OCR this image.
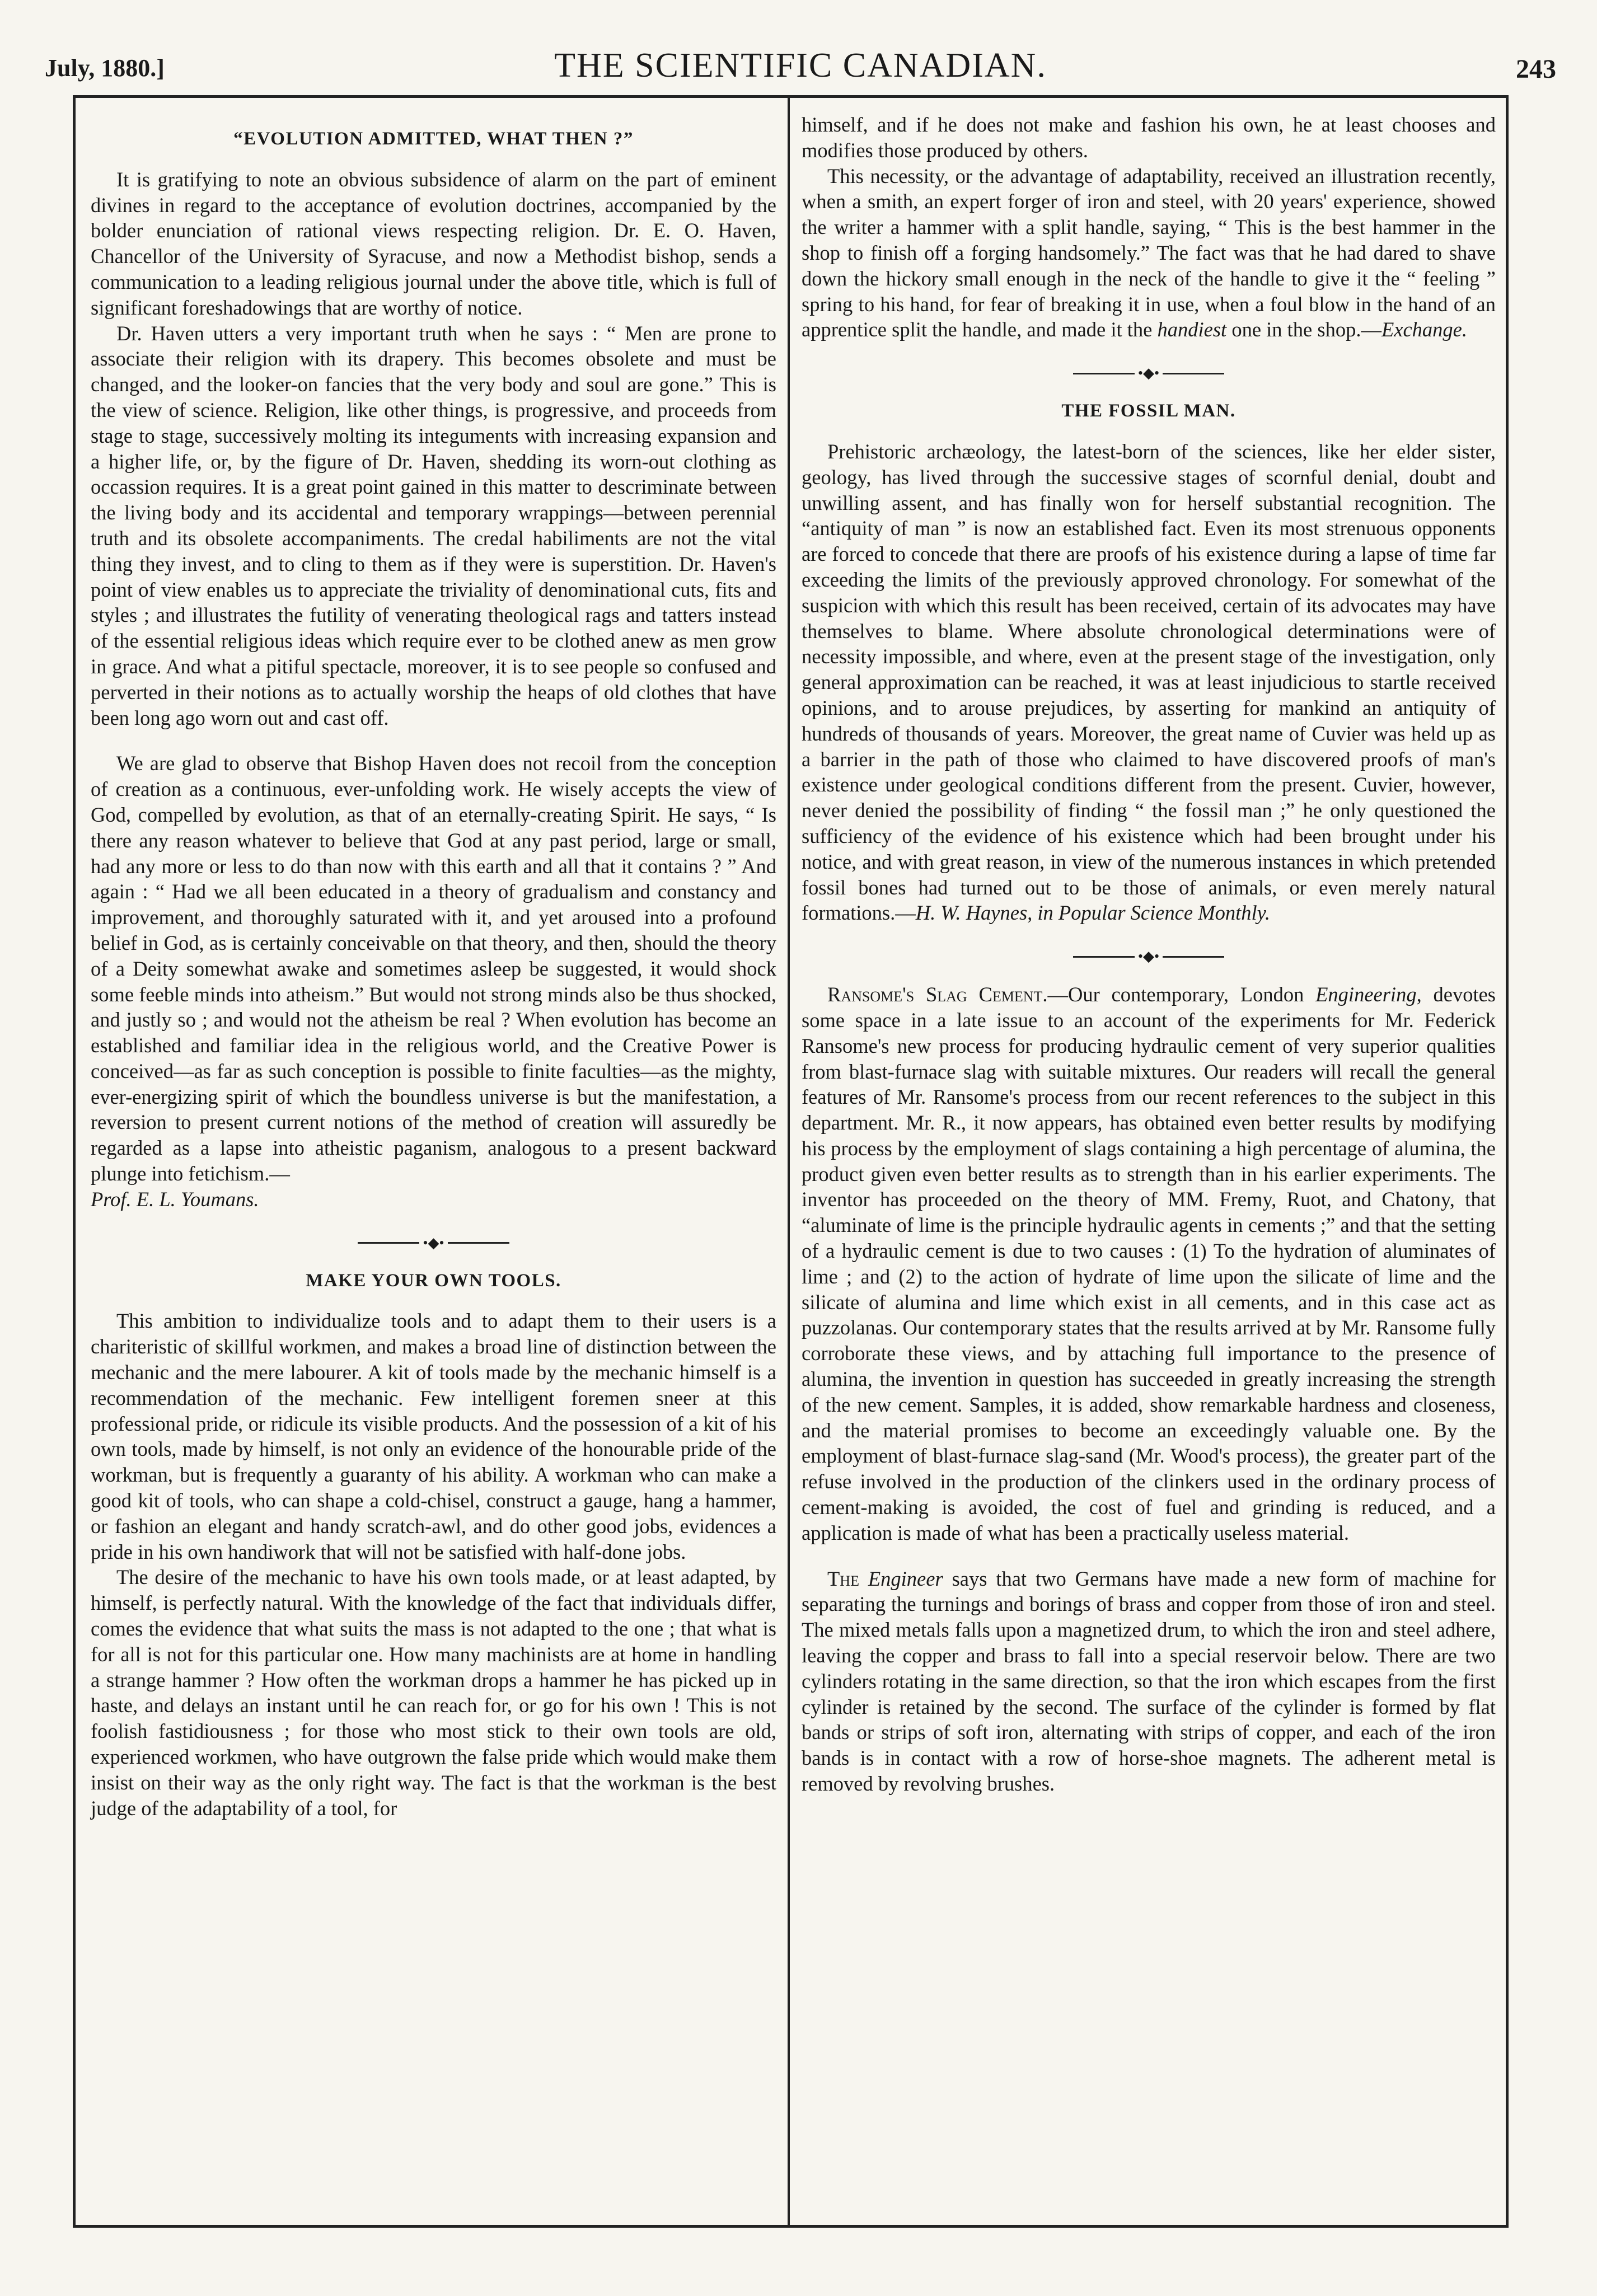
July, 1880.]	THE SCIENTIFIC CANADIAN.	243
“EVOLUTION ADMITTED, WHAT THEN ?”

It is gratifying to note an obvious subsidence of alarm on the part of eminent divines in regard to the acceptance of evolution doctrines, accompanied by the bolder enunciation of rational views respecting religion. Dr. E. O. Haven, Chancellor of the University of Syracuse, and now a Methodist bishop, sends a communication to a leading religious journal under the above title, which is full of significant foreshadowings that are worthy of notice.

Dr. Haven utters a very important truth when he says : “ Men are prone to associate their religion with its drapery. This becomes obsolete and must be changed, and the looker-on fancies that the very body and soul are gone.” This is the view of science. Religion, like other things, is progressive, and proceeds from stage to stage, successively molting its integuments with increasing expansion and a higher life, or, by the figure of Dr. Haven, shedding its worn-out clothing as occassion requires. It is a great point gained in this matter to descriminate between the living body and its accidental and temporary wrappings—between perennial truth and its obsolete accompaniments. The credal habiliments are not the vital thing they invest, and to cling to them as if they were is superstition. Dr. Haven's point of view enables us to appreciate the triviality of denominational cuts, fits and styles ; and illustrates the futility of venerating theological rags and tatters instead of the essential religious ideas which require ever to be clothed anew as men grow in grace. And what a pitiful spectacle, moreover, it is to see people so confused and perverted in their notions as to actually worship the heaps of old clothes that have been long ago worn out and cast off.

We are glad to observe that Bishop Haven does not recoil from the conception of creation as a continuous, ever-unfolding work. He wisely accepts the view of God, compelled by evolution, as that of an eternally-creating Spirit. He says, “ Is there any reason whatever to believe that God at any past period, large or small, had any more or less to do than now with this earth and all that it contains ? ” And again : “ Had we all been educated in a theory of gradualism and constancy and improvement, and thoroughly saturated with it, and yet aroused into a profound belief in God, as is certainly conceivable on that theory, and then, should the theory of a Deity somewhat awake and sometimes asleep be suggested, it would shock some feeble minds into atheism.” But would not strong minds also be thus shocked, and justly so ; and would not the atheism be real ? When evolution has become an established and familiar idea in the religious world, and the Creative Power is conceived—as far as such conception is possible to finite faculties—as the mighty, ever-energizing spirit of which the boundless universe is but the manifestation, a reversion to present current notions of the method of creation will assuredly be regarded as a lapse into atheistic paganism, analogous to a present backward plunge into fetichism.—

Prof. E. L. Youmans.

•◆•
MAKE YOUR OWN TOOLS.

This ambition to individualize tools and to adapt them to their users is a chariteristic of skillful workmen, and makes a broad line of distinction between the mechanic and the mere labourer. A kit of tools made by the mechanic himself is a recommendation of the mechanic. Few intelligent foremen sneer at this professional pride, or ridicule its visible products. And the possession of a kit of his own tools, made by himself, is not only an evidence of the honourable pride of the workman, but is frequently a guaranty of his ability. A workman who can make a good kit of tools, who can shape a cold-chisel, construct a gauge, hang a hammer, or fashion an elegant and handy scratch-awl, and do other good jobs, evidences a pride in his own handiwork that will not be satisfied with half-done jobs.

The desire of the mechanic to have his own tools made, or at least adapted, by himself, is perfectly natural. With the knowledge of the fact that individuals differ, comes the evidence that what suits the mass is not adapted to the one ; that what is for all is not for this particular one. How many machinists are at home in handling a strange hammer ? How often the workman drops a hammer he has picked up in haste, and delays an instant until he can reach for, or go for his own ! This is not foolish fastidiousness ; for those who most stick to their own tools are old, experienced workmen, who have outgrown the false pride which would make them insist on their way as the only right way. The fact is that the workman is the best judge of the adaptability of a tool, for

himself, and if he does not make and fashion his own, he at least chooses and modifies those produced by others.

This necessity, or the advantage of adaptability, received an illustration recently, when a smith, an expert forger of iron and steel, with 20 years' experience, showed the writer a hammer with a split handle, saying, “ This is the best hammer in the shop to finish off a forging handsomely.” The fact was that he had dared to shave down the hickory small enough in the neck of the handle to give it the “ feeling ” spring to his hand, for fear of breaking it in use, when a foul blow in the hand of an apprentice split the handle, and made it the handiest one in the shop.—Exchange.

•◆•
THE FOSSIL MAN.

Prehistoric archæology, the latest-born of the sciences, like her elder sister, geology, has lived through the successive stages of scornful denial, doubt and unwilling assent, and has finally won for herself substantial recognition. The “antiquity of man ” is now an established fact. Even its most strenuous opponents are forced to concede that there are proofs of his existence during a lapse of time far exceeding the limits of the previously approved chronology. For somewhat of the suspicion with which this result has been received, certain of its advocates may have themselves to blame. Where absolute chronological determinations were of necessity impossible, and where, even at the present stage of the investigation, only general approximation can be reached, it was at least injudicious to startle received opinions, and to arouse prejudices, by asserting for mankind an antiquity of hundreds of thousands of years. Moreover, the great name of Cuvier was held up as a barrier in the path of those who claimed to have discovered proofs of man's existence under geological conditions different from the present. Cuvier, however, never denied the possibility of finding “ the fossil man ;” he only questioned the sufficiency of the evidence of his existence which had been brought under his notice, and with great reason, in view of the numerous instances in which pretended fossil bones had turned out to be those of animals, or even merely natural formations.—H. W. Haynes, in Popular Science Monthly.

•◆•

Ransome's Slag Cement.—Our contemporary, London Engineering, devotes some space in a late issue to an account of the experiments for Mr. Federick Ransome's new process for producing hydraulic cement of very superior qualities from blast-furnace slag with suitable mixtures. Our readers will recall the general features of Mr. Ransome's process from our recent references to the subject in this department. Mr. R., it now appears, has obtained even better results by modifying his process by the employment of slags containing a high percentage of alumina, the product given even better results as to strength than in his earlier experiments. The inventor has proceeded on the theory of MM. Fremy, Ruot, and Chatony, that “aluminate of lime is the principle hydraulic agents in cements ;” and that the setting of a hydraulic cement is due to two causes : (1) To the hydration of aluminates of lime ; and (2) to the action of hydrate of lime upon the silicate of lime and the silicate of alumina and lime which exist in all cements, and in this case act as puzzolanas. Our contemporary states that the results arrived at by Mr. Ransome fully corroborate these views, and by attaching full importance to the presence of alumina, the invention in question has succeeded in greatly increasing the strength of the new cement. Samples, it is added, show remarkable hardness and closeness, and the material promises to become an exceedingly valuable one. By the employment of blast-furnace slag-sand (Mr. Wood's process), the greater part of the refuse involved in the production of the clinkers used in the ordinary process of cement-making is avoided, the cost of fuel and grinding is reduced, and a application is made of what has been a practically useless material.

The Engineer says that two Germans have made a new form of machine for separating the turnings and borings of brass and copper from those of iron and steel. The mixed metals falls upon a magnetized drum, to which the iron and steel adhere, leaving the copper and brass to fall into a special reservoir below. There are two cylinders rotating in the same direction, so that the iron which escapes from the first cylinder is retained by the second. The surface of the cylinder is formed by flat bands or strips of soft iron, alternating with strips of copper, and each of the iron bands is in contact with a row of horse-shoe magnets. The adherent metal is removed by revolving brushes.
